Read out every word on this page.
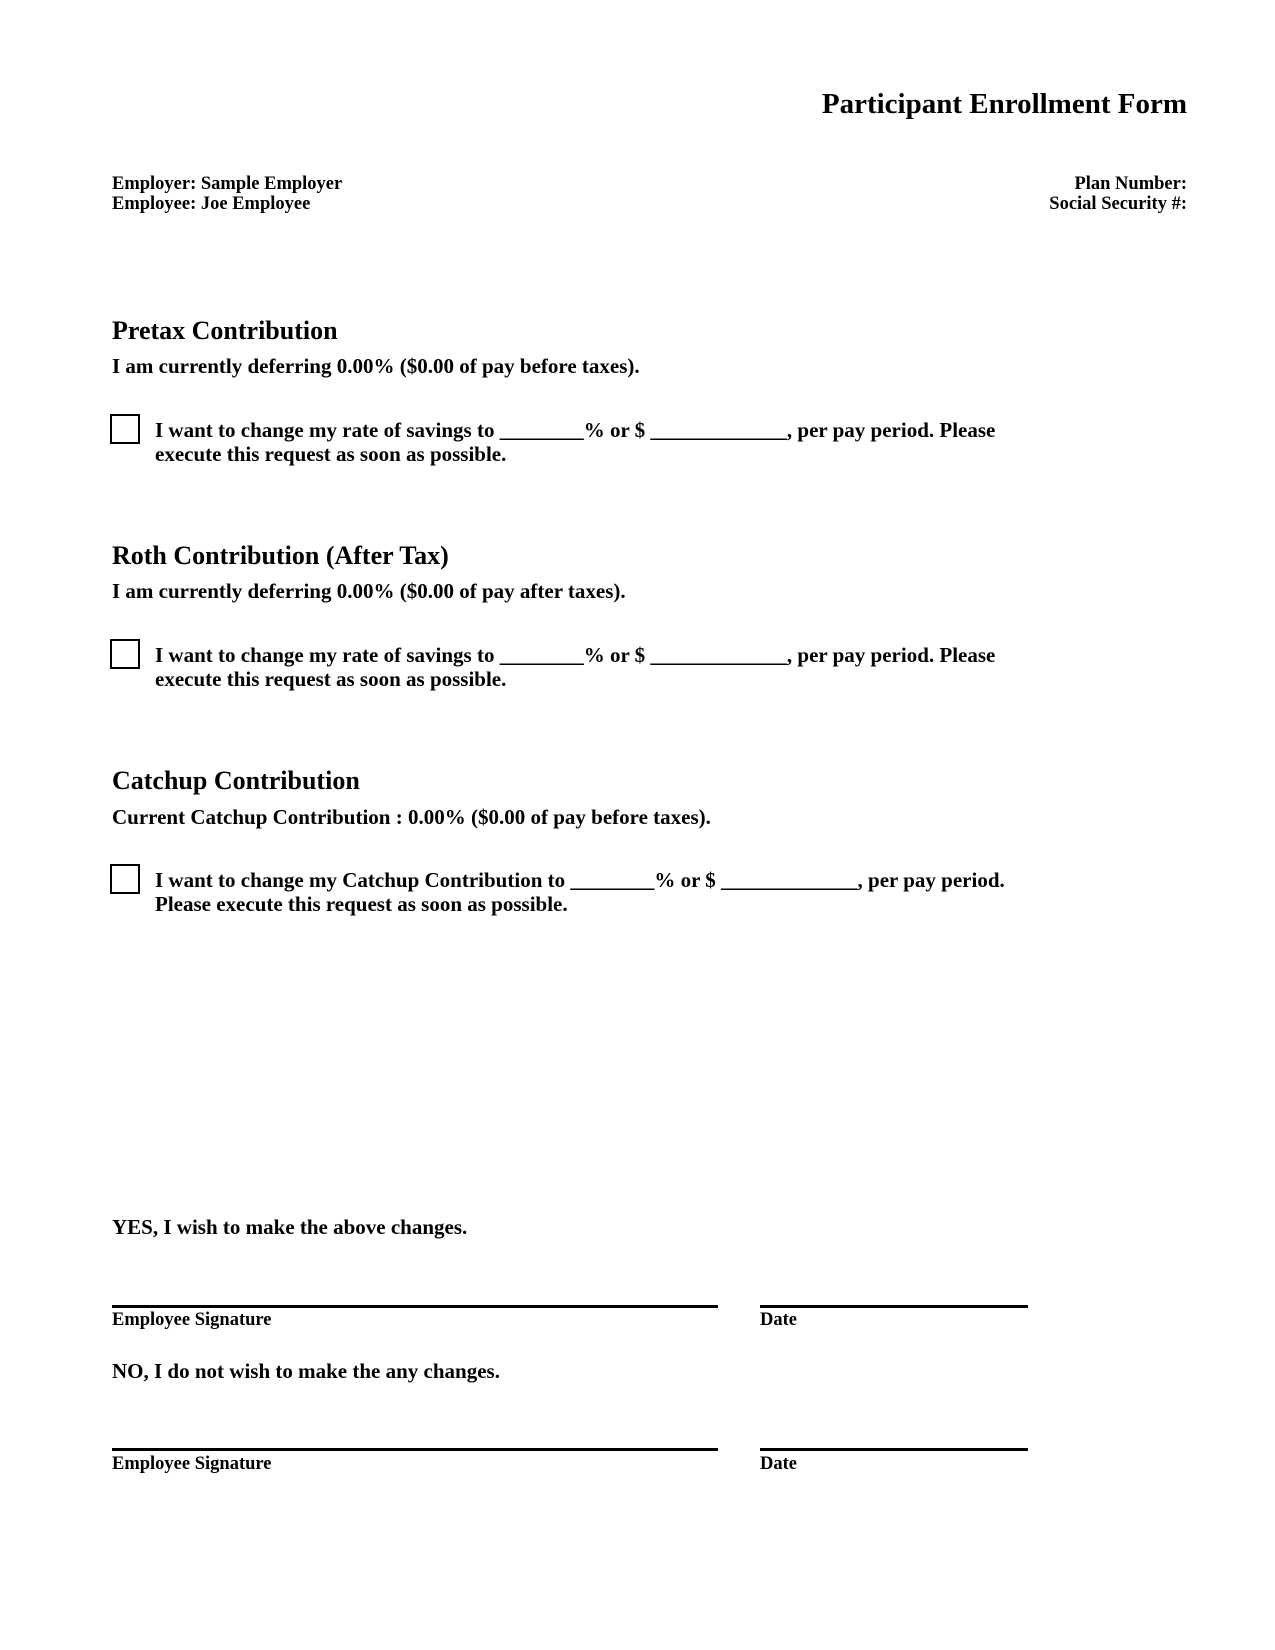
Participant Enrollment Form
Employer: Sample Employer
Employee: Joe Employee
Plan Number:
Social Security #:
Pretax Contribution
I am currently deferring 0.00% ($0.00 of pay before taxes).
I want to change my rate of savings to ________% or $ _____________, per pay period. Please
execute this request as soon as possible.
Roth Contribution (After Tax)
I am currently deferring 0.00% ($0.00 of pay after taxes).
I want to change my rate of savings to ________% or $ _____________, per pay period. Please
execute this request as soon as possible.
Catchup Contribution
Current Catchup Contribution : 0.00% ($0.00 of pay before taxes).
I want to change my Catchup Contribution to ________% or $ _____________, per pay period.
Please execute this request as soon as possible.
YES, I wish to make the above changes.
Employee Signature	Date
NO, I do not wish to make the any changes.
Employee Signature	Date
